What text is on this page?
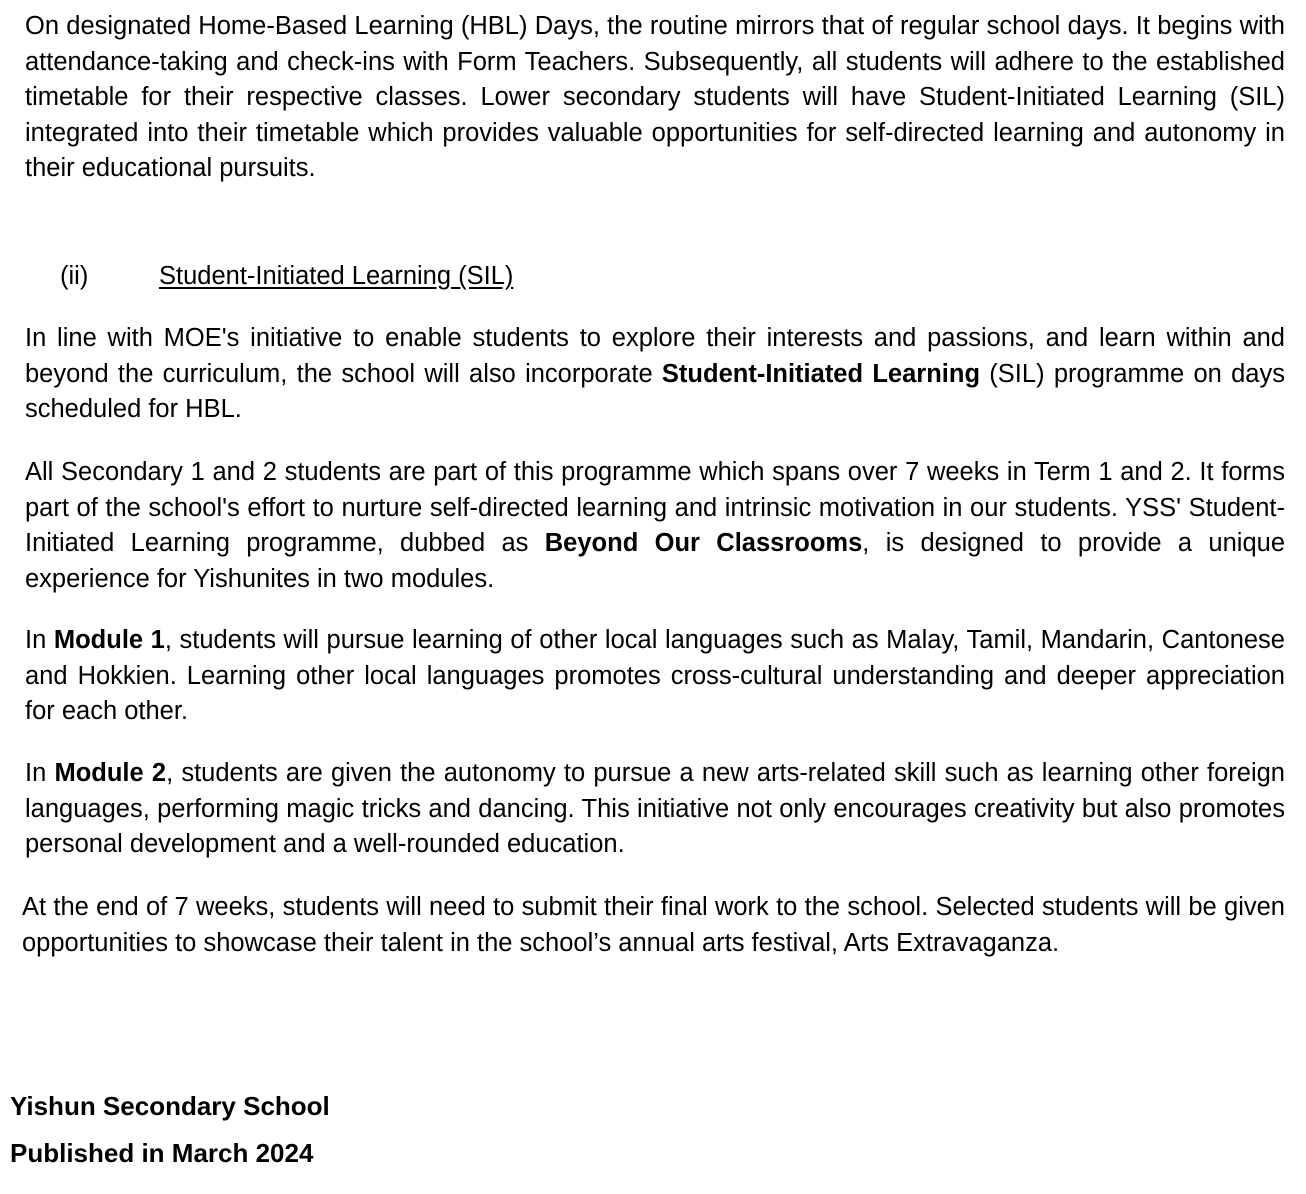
On designated Home-Based Learning (HBL) Days, the routine mirrors that of regular school days. It begins with attendance-taking and check-ins with Form Teachers. Subsequently, all students will adhere to the established timetable for their respective classes. Lower secondary students will have Student-Initiated Learning (SIL) integrated into their timetable which provides valuable opportunities for self-directed learning and autonomy in their educational pursuits.

(ii)	Student-Initiated Learning (SIL)

In line with MOE's initiative to enable students to explore their interests and passions, and learn within and beyond the curriculum, the school will also incorporate Student-Initiated Learning (SIL) programme on days scheduled for HBL.

All Secondary 1 and 2 students are part of this programme which spans over 7 weeks in Term 1 and 2. It forms part of the school's effort to nurture self-directed learning and intrinsic motivation in our students. YSS' Student-Initiated Learning programme, dubbed as Beyond Our Classrooms, is designed to provide a unique experience for Yishunites in two modules.

In Module 1, students will pursue learning of other local languages such as Malay, Tamil, Mandarin, Cantonese and Hokkien. Learning other local languages promotes cross-cultural understanding and deeper appreciation for each other.

In Module 2, students are given the autonomy to pursue a new arts-related skill such as learning other foreign languages, performing magic tricks and dancing. This initiative not only encourages creativity but also promotes personal development and a well-rounded education.

At the end of 7 weeks, students will need to submit their final work to the school. Selected students will be given opportunities to showcase their talent in the school’s annual arts festival, Arts Extravaganza.

Yishun Secondary School
Published in March 2024
